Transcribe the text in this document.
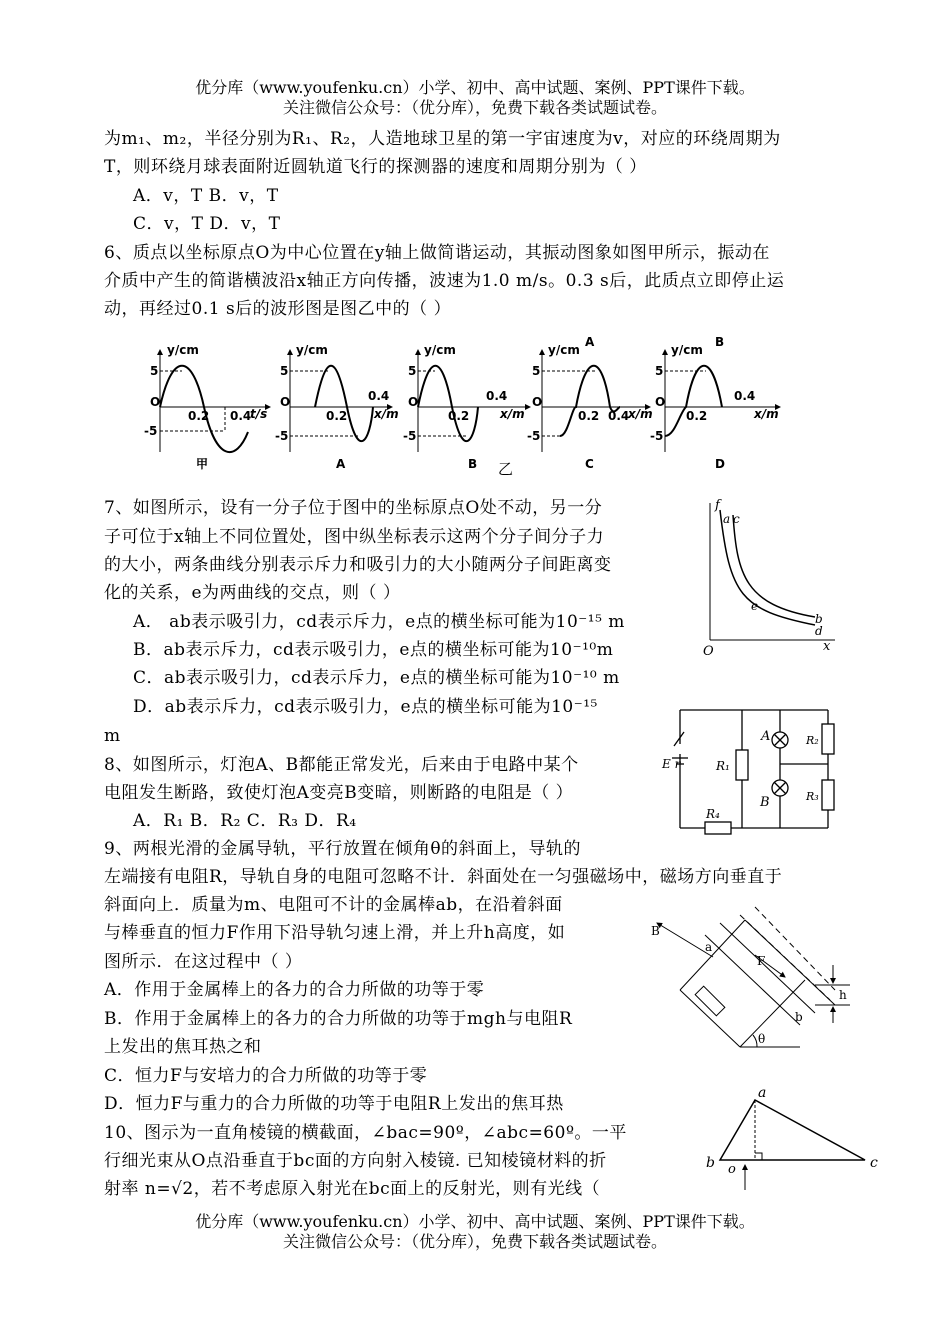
优分库（www.youfenku.cn）小学、初中、高中试题、案例、PPT课件下载。
关注微信公众号：（优分库），免费下载各类试题试卷。
为m₁、m₂，半径分别为R₁、R₂，人造地球卫星的第一宇宙速度为v，对应的环绕周期为
T，则环绕月球表面附近圆轨道飞行的探测器的速度和周期分别为（ ）
A．v，T B．v，T
C．v，T D．v，T
6、质点以坐标原点O为中心位置在y轴上做简谐运动，其振动图象如图甲所示，振动在
介质中产生的简谐横波沿x轴正方向传播，波速为1.0 m/s。0.3 s后，此质点立即停止运
动，再经过0.1 s后的波形图是图乙中的（ ）
y/cm
5
-5
O
0.2 0.4
t/s
甲
y/cm
5
-5
O
0.2
0.4
x/m
A
y/cm
5
-5
O
0.2
0.4
x/m
B 乙
A
y/cm
5
-5
O
0.2 0.4
x/m
C
B
y/cm
5
-5
O
0.2
0.4
x/m
D
7、如图所示，设有一分子位于图中的坐标原点O处不动，另一分
子可位于x轴上不同位置处，图中纵坐标表示这两个分子间分子力
的大小，两条曲线分别表示斥力和吸引力的大小随两分子间距离变
化的关系，e为两曲线的交点，则（ ）
A． ab表示吸引力，cd表示斥力，e点的横坐标可能为10⁻¹⁵ m
B．ab表示斥力，cd表示吸引力，e点的横坐标可能为10⁻¹⁰m
C．ab表示吸引力，cd表示斥力，e点的横坐标可能为10⁻¹⁰ m
D．ab表示斥力，cd表示吸引力，e点的横坐标可能为10⁻¹⁵
m
f
a c
e
b
d
O	x
8、如图所示，灯泡A、B都能正常发光，后来由于电路中某个
电阻发生断路，致使灯泡A变亮B变暗，则断路的电阻是（ ）
A．R₁ B．R₂ C．R₃ D．R₄
E r	R₁
R₂
R₃
R₄
A
B
9、两根光滑的金属导轨，平行放置在倾角θ的斜面上，导轨的
左端接有电阻R，导轨自身的电阻可忽略不计．斜面处在一匀强磁场中，磁场方向垂直于
斜面向上．质量为m、电阻可不计的金属棒ab，在沿着斜面
与棒垂直的恒力F作用下沿导轨匀速上滑，并上升h高度，如
图所示．在这过程中（ ）
A．作用于金属棒上的各力的合力所做的功等于零
B．作用于金属棒上的各力的合力所做的功等于mgh与电阻R
上发出的焦耳热之和
C．恒力F与安培力的合力所做的功等于零
D．恒力F与重力的合力所做的功等于电阻R上发出的焦耳热
B
a
F
h
b
θ
10、图示为一直角棱镜的横截面，∠bac=90º，∠abc=60º。一平
行细光束从O点沿垂直于bc面的方向射入棱镜. 已知棱镜材料的折
射率 n=√2，若不考虑原入射光在bc面上的反射光，则有光线（
a
b	c
o
优分库（www.youfenku.cn）小学、初中、高中试题、案例、PPT课件下载。
关注微信公众号：（优分库），免费下载各类试题试卷。
